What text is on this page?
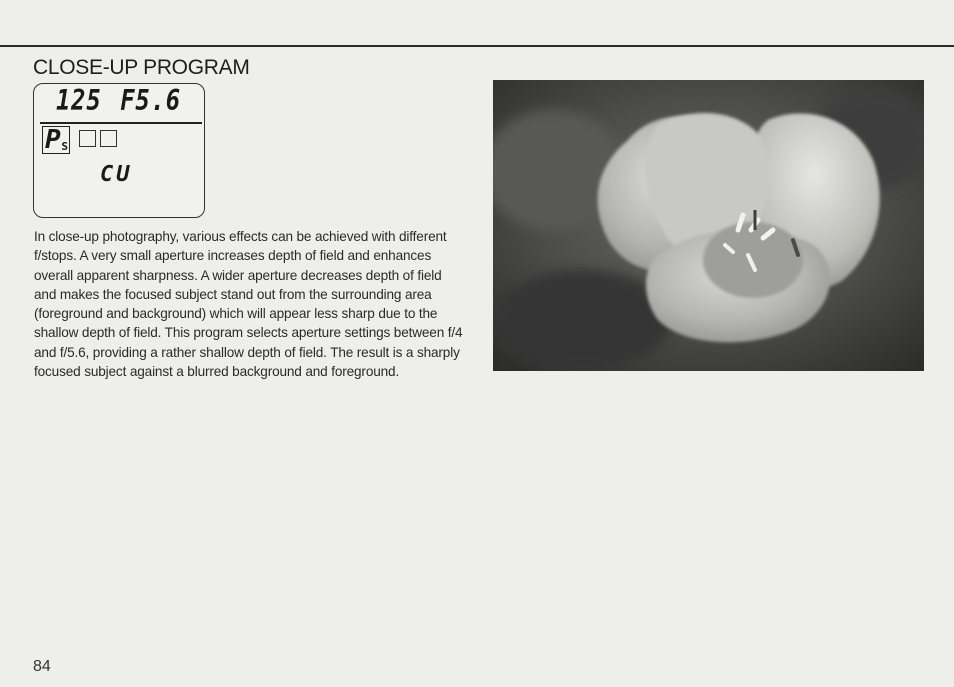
CLOSE-UP PROGRAM
125 F5.6
P S
CU
In close-up photography, various effects can be achieved with different f/stops. A very small aperture increases depth of field and enhances overall apparent sharpness. A wider aperture decreases depth of field and makes the focused subject stand out from the surrounding area (foreground and background) which will appear less sharp due to the shallow depth of field. This program selects aperture settings between f/4 and f/5.6, providing a rather shallow depth of field. The result is a sharply focused subject against a blurred background and foreground.
84
